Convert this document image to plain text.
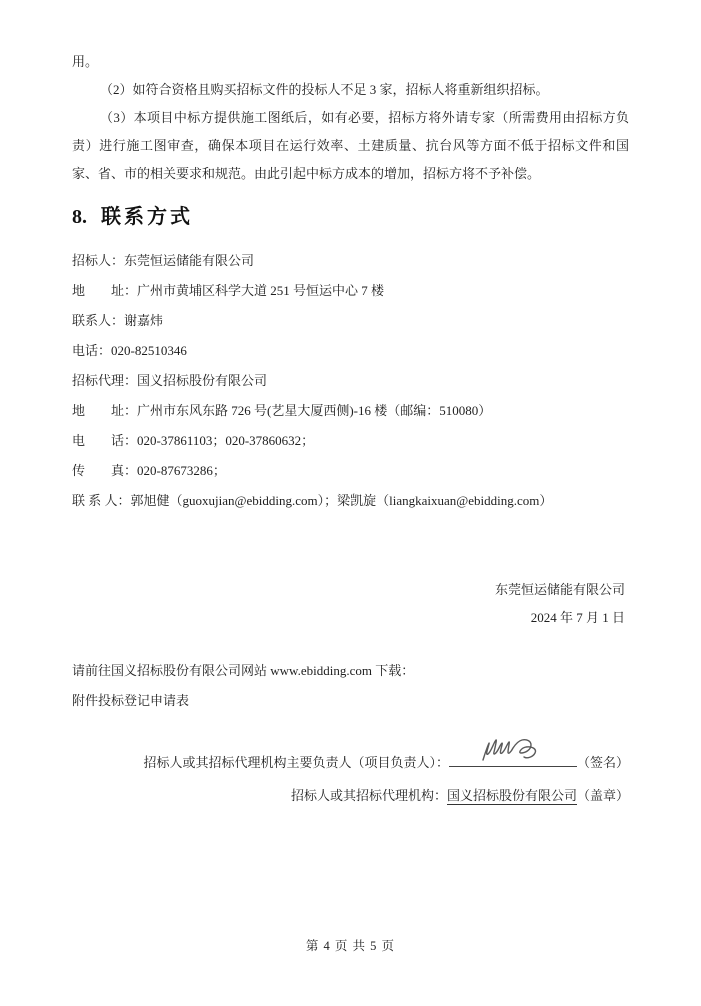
用。

（2）如符合资格且购买招标文件的投标人不足 3 家，招标人将重新组织招标。

（3）本项目中标方提供施工图纸后，如有必要，招标方将外请专家（所需费用由招标方负责）进行施工图审查，确保本项目在运行效率、土建质量、抗台风等方面不低于招标文件和国家、省、市的相关要求和规范。由此引起中标方成本的增加，招标方将不予补偿。

8. 联系方式
招标人：东莞恒运储能有限公司
地　　址：广州市黄埔区科学大道 251 号恒运中心 7 楼
联系人：谢嘉炜
电话：020-82510346
招标代理：国义招标股份有限公司
地　　址：广州市东风东路 726 号(艺星大厦西侧)-16 楼（邮编：510080）
电　　话：020-37861103；020-37860632；
传　　真：020-87673286；
联 系 人：郭旭健（guoxujian@ebidding.com）；梁凯旋（liangkaixuan@ebidding.com）
东莞恒运储能有限公司
2024 年 7 月 1 日
请前往国义招标股份有限公司网站 www.ebidding.com 下载：
附件投标登记申请表
招标人或其招标代理机构主要负责人（项目负责人）：	（签名）
招标人或其招标代理机构：国义招标股份有限公司（盖章）
第 4 页 共 5 页
